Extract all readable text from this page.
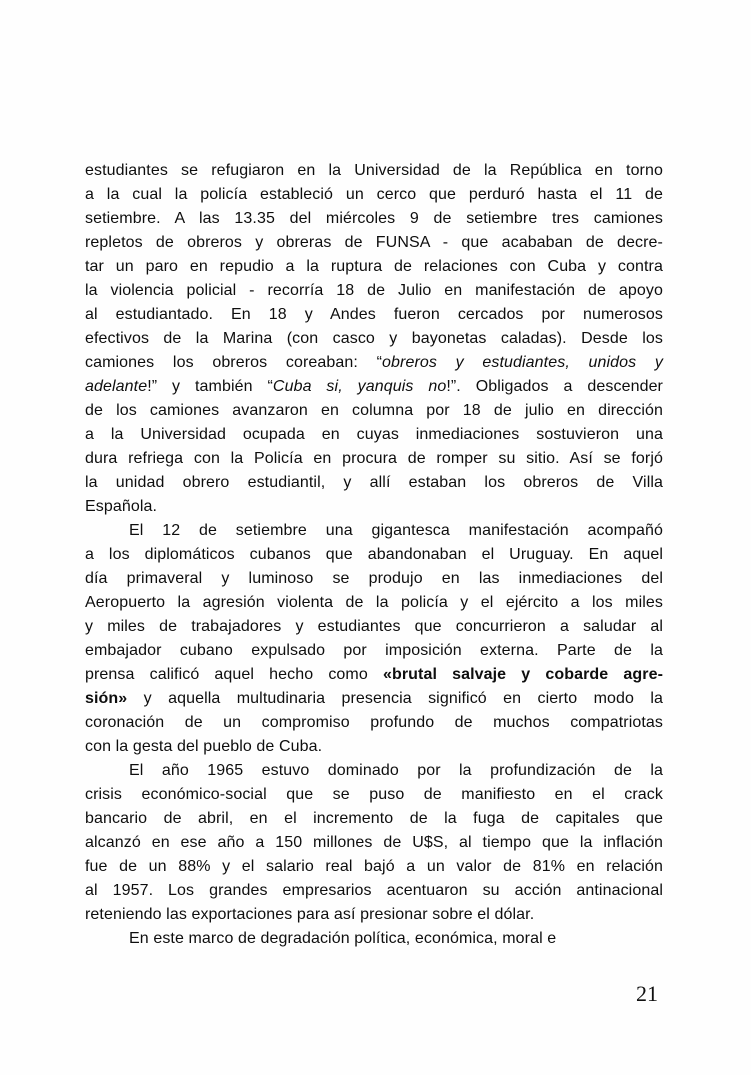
estudiantes se refugiaron en la Universidad de la República en torno
a la cual la policía estableció un cerco que perduró hasta el 11 de
setiembre. A las 13.35 del miércoles 9 de setiembre tres camiones
repletos de obreros y obreras de FUNSA - que acababan de decre-
tar un paro en repudio a la ruptura de relaciones con Cuba y contra
la violencia policial - recorría 18 de Julio en manifestación de apoyo
al estudiantado. En 18 y Andes fueron cercados por numerosos
efectivos de la Marina (con casco y bayonetas caladas). Desde los
camiones los obreros coreaban: “obreros y estudiantes, unidos y
adelante!” y también “Cuba si, yanquis no!”. Obligados a descender
de los camiones avanzaron en columna por 18 de julio en dirección
a la Universidad ocupada en cuyas inmediaciones sostuvieron una
dura refriega con la Policía en procura de romper su sitio. Así se forjó
la unidad obrero estudiantil, y allí estaban los obreros de Villa
Española.
El 12 de setiembre una gigantesca manifestación acompañó
a los diplomáticos cubanos que abandonaban el Uruguay. En aquel
día primaveral y luminoso se produjo en las inmediaciones del
Aeropuerto la agresión violenta de la policía y el ejército a los miles
y miles de trabajadores y estudiantes que concurrieron a saludar al
embajador cubano expulsado por imposición externa. Parte de la
prensa calificó aquel hecho como «brutal salvaje y cobarde agre-
sión» y aquella multudinaria presencia significó en cierto modo la
coronación de un compromiso profundo de muchos compatriotas
con la gesta del pueblo de Cuba.
El año 1965 estuvo dominado por la profundización de la
crisis económico-social que se puso de manifiesto en el crack
bancario de abril, en el incremento de la fuga de capitales que
alcanzó en ese año a 150 millones de U$S, al tiempo que la inflación
fue de un 88% y el salario real bajó a un valor de 81% en relación
al 1957. Los grandes empresarios acentuaron su acción antinacional
reteniendo las exportaciones para así presionar sobre el dólar.
En este marco de degradación política, económica, moral e
21
